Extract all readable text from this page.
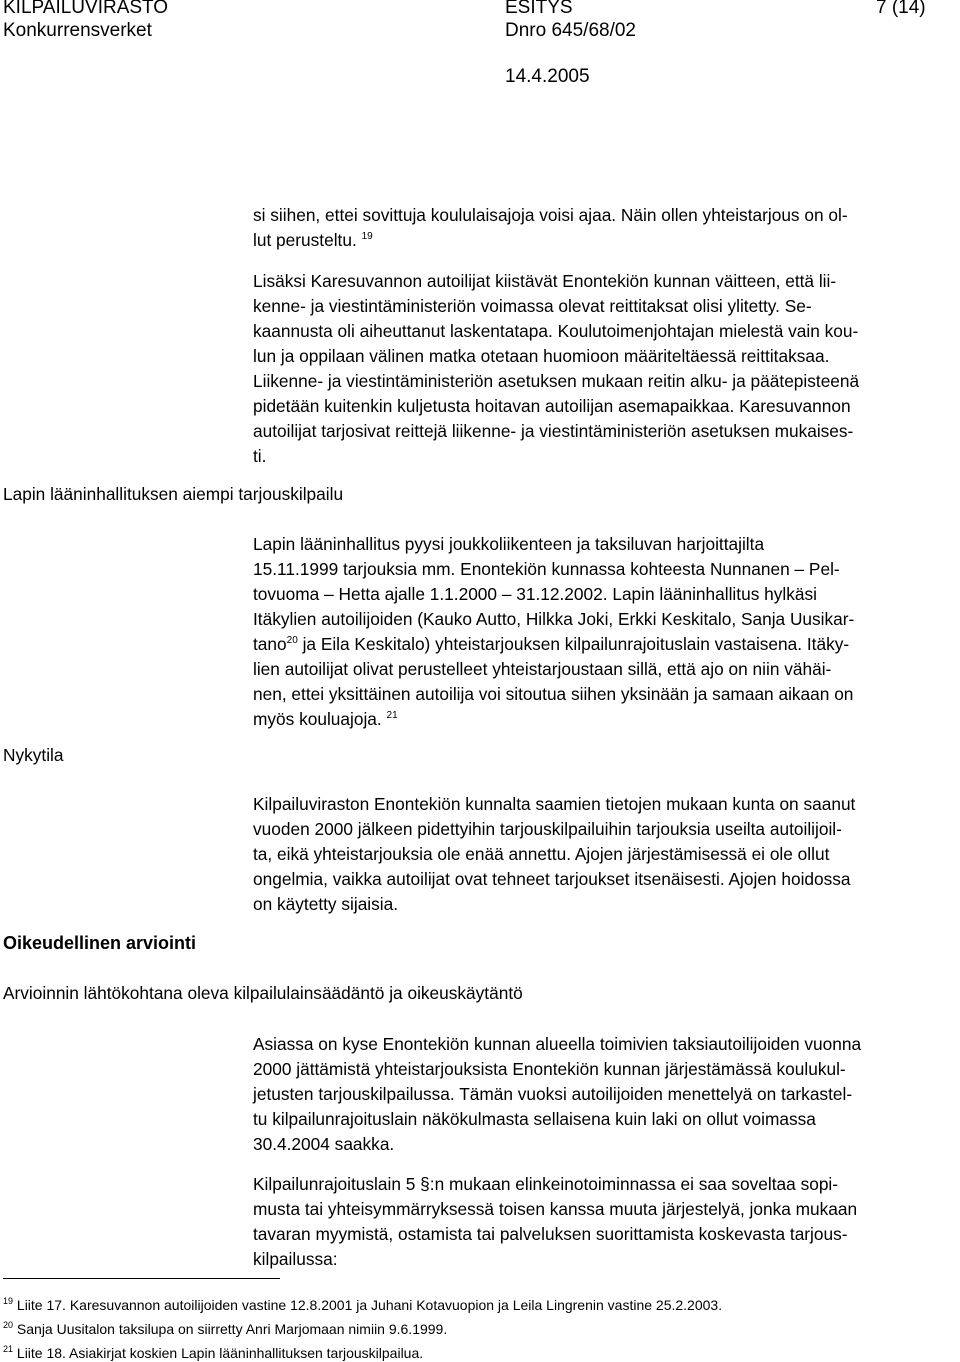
KILPAILUVIRASTO
Konkurrensverket
ESITYS
Dnro 645/68/02
14.4.2005
7 (14)
si siihen, ettei sovittuja koululaisajoja voisi ajaa. Näin ollen yhteistarjous on ol-
lut perusteltu. $^{19}$
Lisäksi Karesuvannon autoilijat kiistävät Enontekiön kunnan väitteen, että lii-
kenne- ja viestintäministeriön voimassa olevat reittitaksat olisi ylitetty. Se-
kaannusta oli aiheuttanut laskentatapa. Koulutoimenjohtajan mielestä vain kou-
lun ja oppilaan välinen matka otetaan huomioon määriteltäessä reittitaksaa.
Liikenne- ja viestintäministeriön asetuksen mukaan reitin alku- ja päätepisteenä
pidetään kuitenkin kuljetusta hoitavan autoilijan asemapaikkaa. Karesuvannon
autoilijat tarjosivat reittejä liikenne- ja viestintäministeriön asetuksen mukaises-
ti.
Lapin lääninhallituksen aiempi tarjouskilpailu
Lapin lääninhallitus pyysi joukkoliikenteen ja taksiluvan harjoittajilta
15.11.1999 tarjouksia mm. Enontekiön kunnassa kohteesta Nunnanen – Pel-
tovuoma – Hetta ajalle 1.1.2000 – 31.12.2002. Lapin lääninhallitus hylkäsi
Itäkylien autoilijoiden (Kauko Autto, Hilkka Joki, Erkki Keskitalo, Sanja Uusikar-
tano$^{20}$ ja Eila Keskitalo) yhteistarjouksen kilpailunrajoituslain vastaisena. Itäky-
lien autoilijat olivat perustelleet yhteistarjoustaan sillä, että ajo on niin vähäi-
nen, ettei yksittäinen autoilija voi sitoutua siihen yksinään ja samaan aikaan on
myös kouluajoja. $^{21}$
Nykytila
Kilpailuviraston Enontekiön kunnalta saamien tietojen mukaan kunta on saanut
vuoden 2000 jälkeen pidettyihin tarjouskilpailuihin tarjouksia useilta autoilijoil-
ta, eikä yhteistarjouksia ole enää annettu. Ajojen järjestämisessä ei ole ollut
ongelmia, vaikka autoilijat ovat tehneet tarjoukset itsenäisesti. Ajojen hoidossa
on käytetty sijaisia.
Oikeudellinen arviointi
Arvioinnin lähtökohtana oleva kilpailulainsäädäntö ja oikeuskäytäntö
Asiassa on kyse Enontekiön kunnan alueella toimivien taksiautoilijoiden vuonna
2000 jättämistä yhteistarjouksista Enontekiön kunnan järjestämässä koulukul-
jetusten tarjouskilpailussa. Tämän vuoksi autoilijoiden menettelyä on tarkastel-
tu kilpailunrajoituslain näkökulmasta sellaisena kuin laki on ollut voimassa
30.4.2004 saakka.
Kilpailunrajoituslain 5 §:n mukaan elinkeinotoiminnassa ei saa soveltaa sopi-
musta tai yhteisymmärryksessä toisen kanssa muuta järjestelyä, jonka mukaan
tavaran myymistä, ostamista tai palveluksen suorittamista koskevasta tarjous-
kilpailussa:
$^{19}$ Liite 17. Karesuvannon autoilijoiden vastine 12.8.2001 ja Juhani Kotavuopion ja Leila Lingrenin vastine 25.2.2003.
$^{20}$ Sanja Uusitalon taksilupa on siirretty Anri Marjomaan nimiin 9.6.1999.
$^{21}$ Liite 18. Asiakirjat koskien Lapin lääninhallituksen tarjouskilpailua.
